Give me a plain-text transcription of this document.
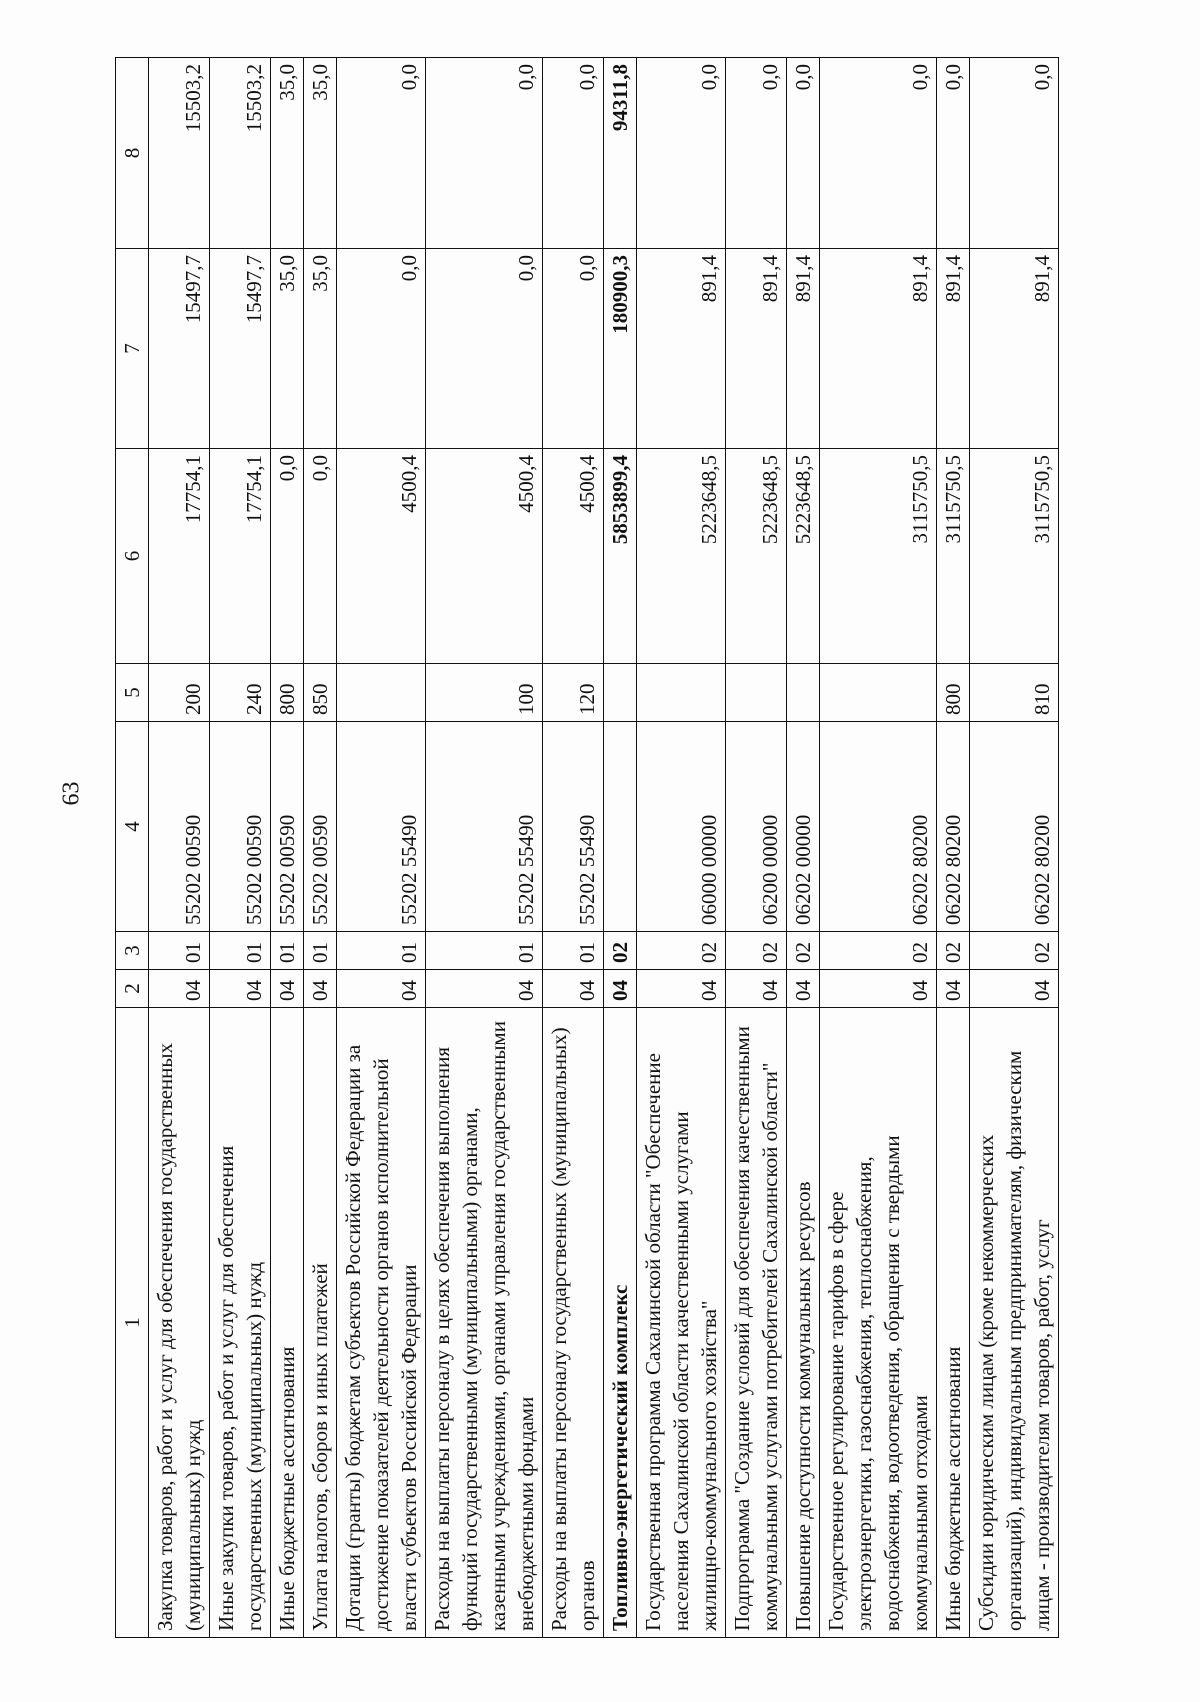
63
1	2	3	4	5	6	7	8
Закупка товаров, работ и услуг для обеспечения государственных (муниципальных) нужд	04	01	55202 00590	200	17754,1	15497,7	15503,2
Иные закупки товаров, работ и услуг для обеспечения государственных (муниципальных) нужд	04	01	55202 00590	240	17754,1	15497,7	15503,2
Иные бюджетные ассигнования	04	01	55202 00590	800	0,0	35,0	35,0
Уплата налогов, сборов и иных платежей	04	01	55202 00590	850	0,0	35,0	35,0
Дотации (гранты) бюджетам субъектов Российской Федерации за достижение показателей деятельности органов исполнительной власти субъектов Российской Федерации	04	01	55202 55490		4500,4	0,0	0,0
Расходы на выплаты персоналу в целях обеспечения выполнения функций государственными (муниципальными) органами, казенными учреждениями, органами управления государственными внебюджетными фондами	04	01	55202 55490	100	4500,4	0,0	0,0
Расходы на выплаты персоналу государственных (муниципальных) органов	04	01	55202 55490	120	4500,4	0,0	0,0
Топливно-энергетический комплекс	04	02			5853899,4	180900,3	94311,8
Государственная программа Сахалинской области "Обеспечение населения Сахалинской области качественными услугами жилищно-коммунального хозяйства"	04	02	06000 00000		5223648,5	891,4	0,0
Подпрограмма "Создание условий для обеспечения качественными коммунальными услугами потребителей Сахалинской области"	04	02	06200 00000		5223648,5	891,4	0,0
Повышение доступности коммунальных ресурсов	04	02	06202 00000		5223648,5	891,4	0,0
Государственное регулирование тарифов в сфере электроэнергетики, газоснабжения, теплоснабжения, водоснабжения, водоотведения, обращения с твердыми коммунальными отходами	04	02	06202 80200		3115750,5	891,4	0,0
Иные бюджетные ассигнования	04	02	06202 80200	800	3115750,5	891,4	0,0
Субсидии юридическим лицам (кроме некоммерческих организаций), индивидуальным предпринимателям, физическим лицам - производителям товаров, работ, услуг	04	02	06202 80200	810	3115750,5	891,4	0,0
